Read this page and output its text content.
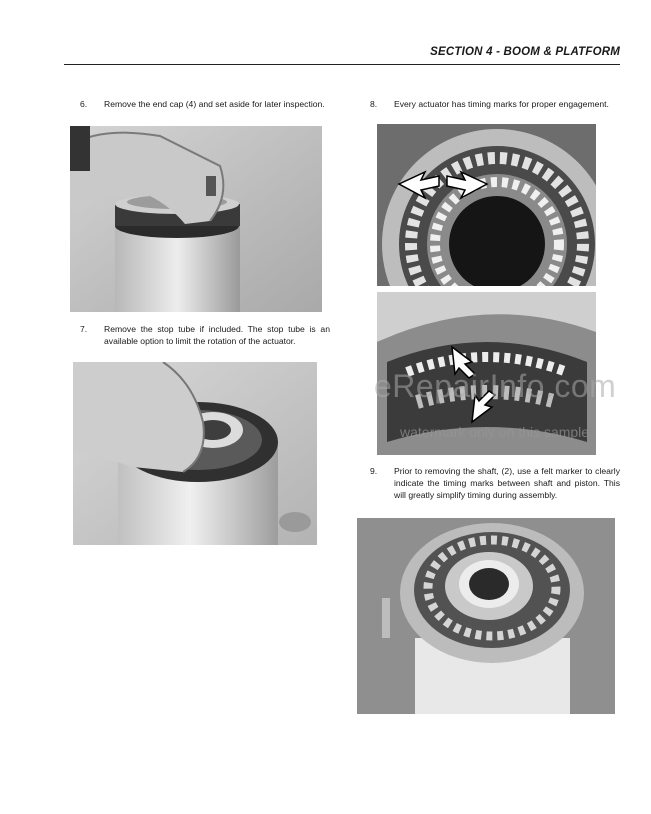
SECTION 4 - BOOM & PLATFORM
6. Remove the end cap (4) and set aside for later inspection.
7. Remove the stop tube if included. The stop tube is an available option to limit the rotation of the actuator.
8. Every actuator has timing marks for proper engagement.
9. Prior to removing the shaft, (2), use a felt marker to clearly indicate the timing marks between shaft and piston. This will greatly simplify timing during assembly.
eRepairInfo.com
watermark only on this sample
